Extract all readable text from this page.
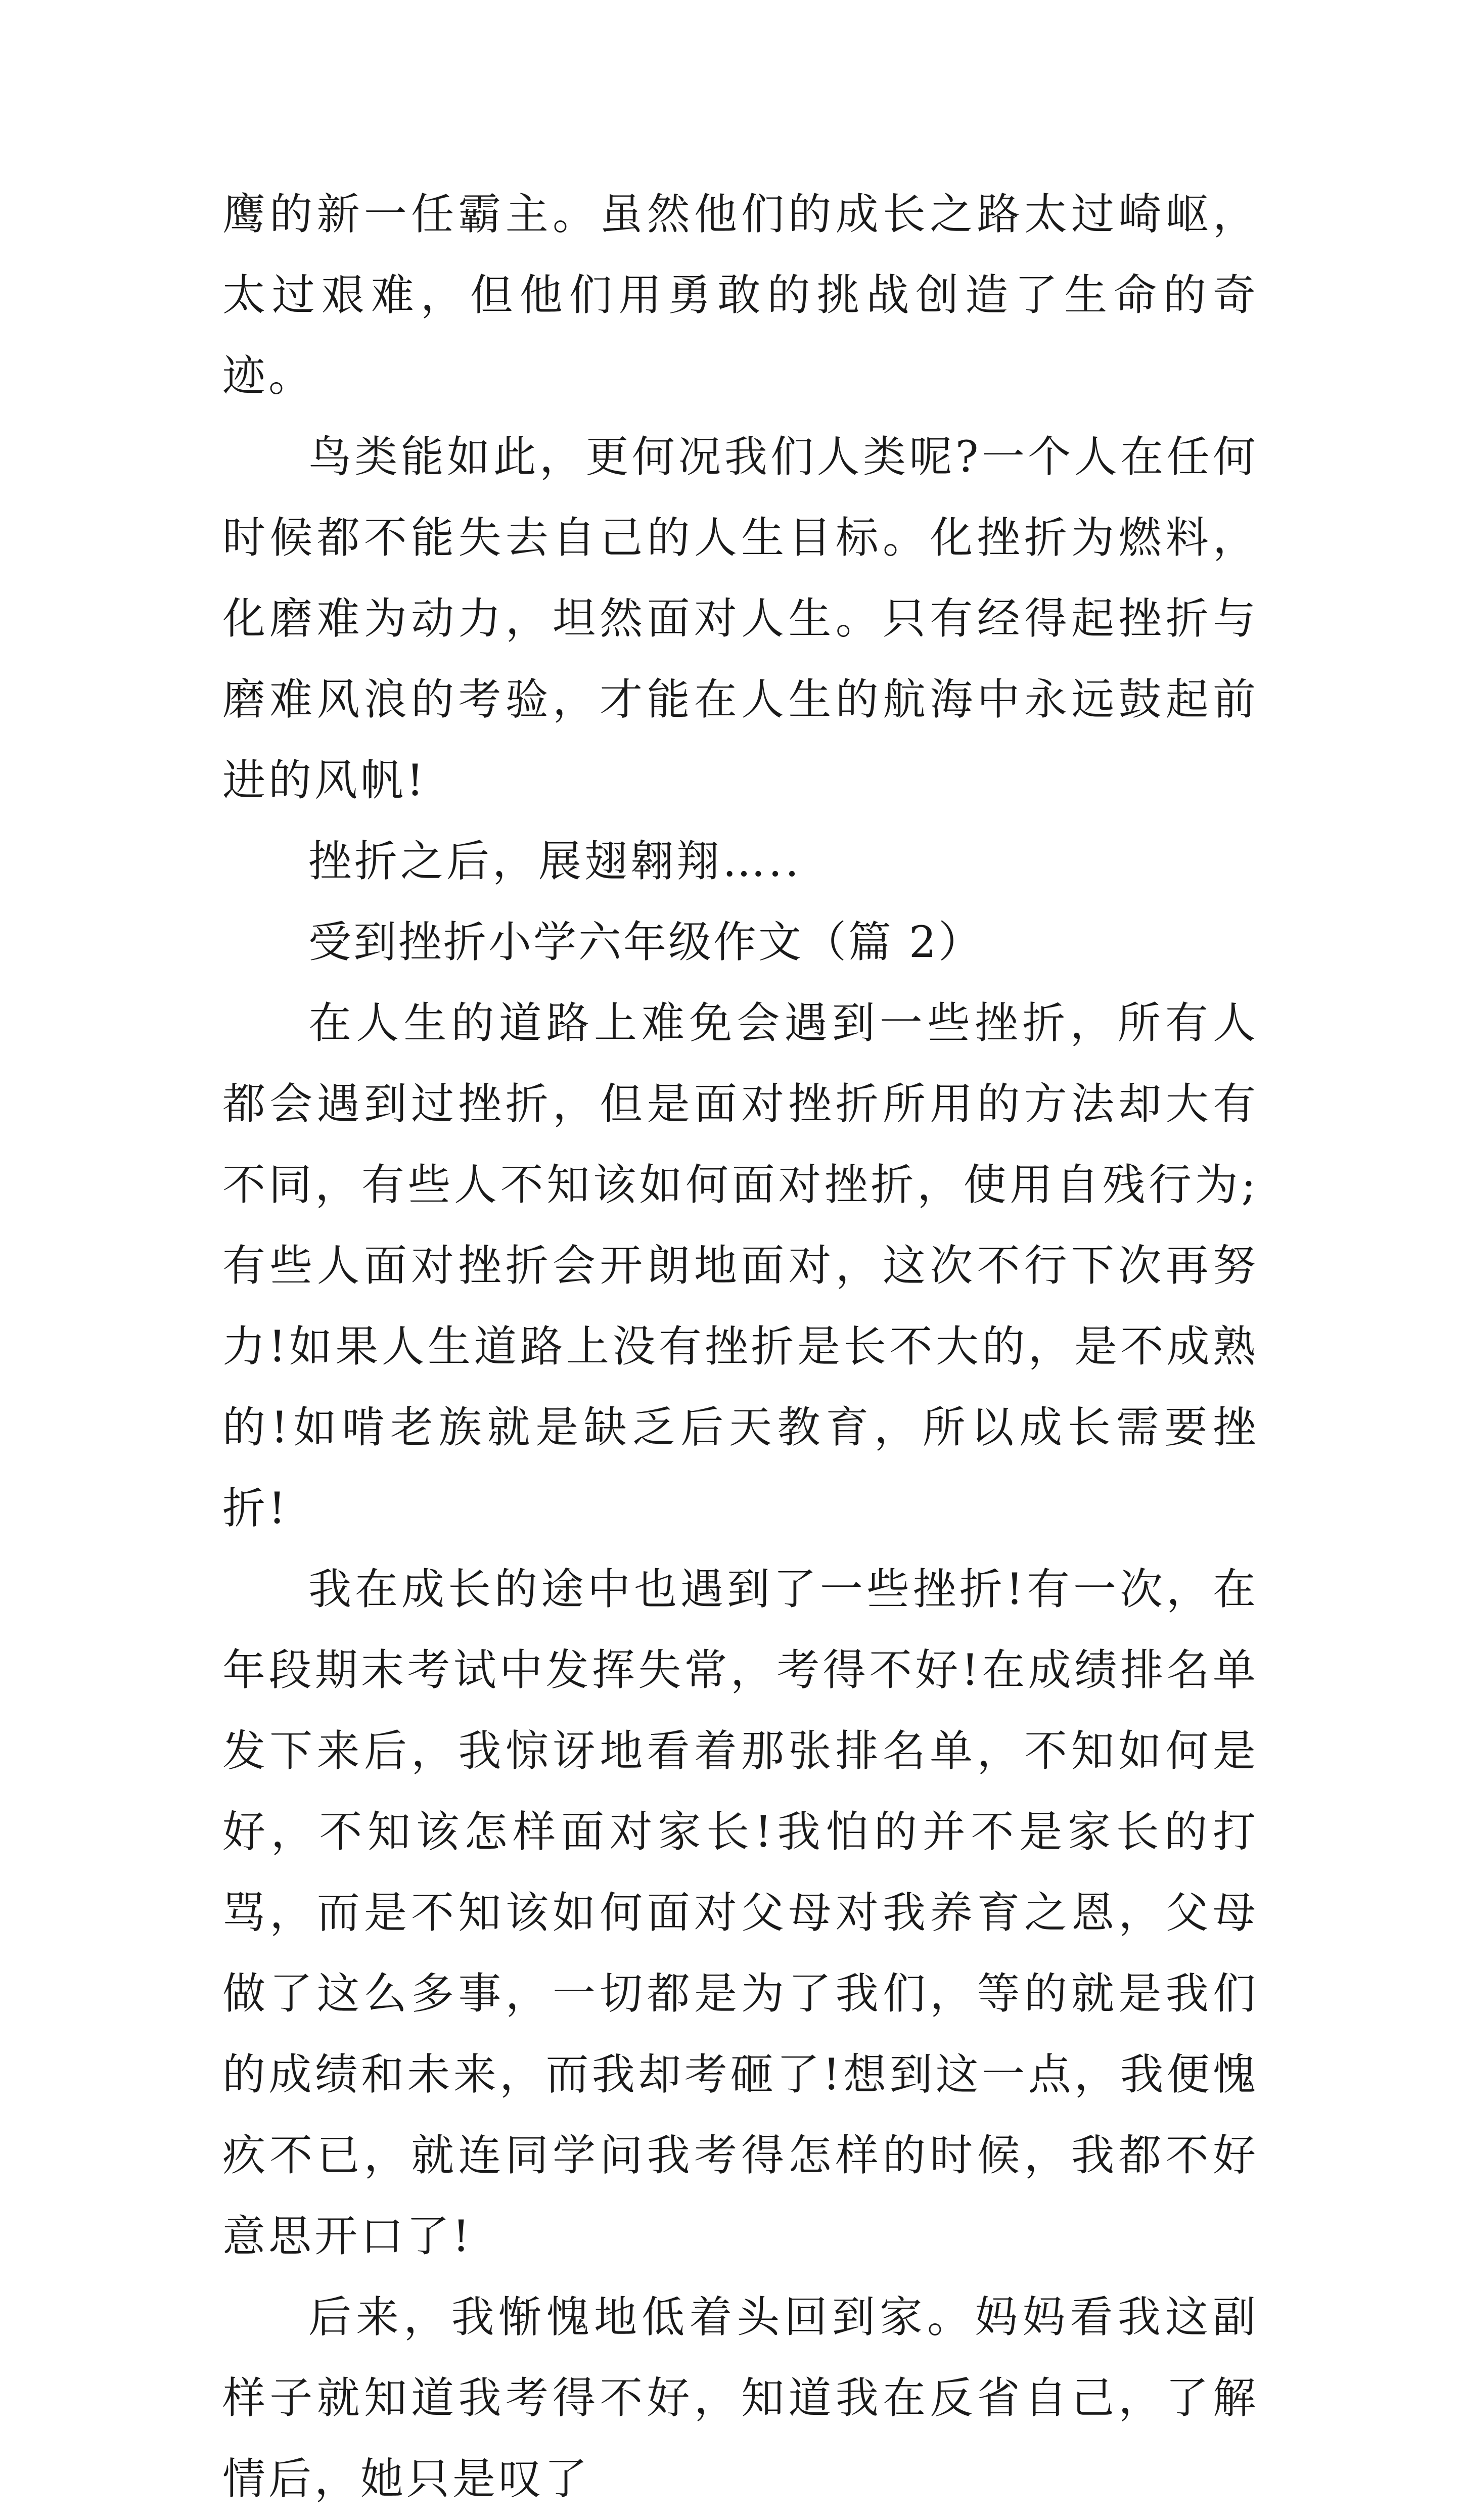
鹰的新一任霸主。虽然他们的成长之路太过崎岖，太过艰难，但他们用勇敢的挑战创造了生命的奇迹。

鸟类能如此，更何况我们人类呢?一个人在任何时候都不能失去自己的人生目标。化挫折为燃料，化磨难为动力，坦然面对人生。只有经得起挫折与磨难风浪的考验，才能在人生的航海中永远鼓起前进的风帆!

挫折之后，展翅翱翔…..

受到挫折小学六年级作文（篇 2）

在人生的道路上难免会遇到一些挫折，所有人都会遇到过挫折，但是面对挫折所用的方法却大有不同，有些人不知该如何面对挫折，使用自残行为;有些人面对挫折会开朗地面对，这次不行下次再努力!如果人生道路上没有挫折是长不大的，是不成熟的!如啃老族就是缺乏后天教育，所以成长需要挫折!

我在成长的途中也遇到了一些挫折!有一次，在年段期末考试中发挥失常，考得不好!在成绩排名单发下来后，我惊讶地看着那张排名单，不知如何是好，不知该怎样面对家长!我怕的并不是家长的打骂，而是不知该如何面对父母对我养育之恩，父母做了这么多事，一切都是为了我们，等的就是我们的成绩和未来，而我却考砸了!想到这一点，我便愧疚不已，就连同学问我考得怎样的时候，我都不好意思开口了!

后来，我惭愧地低着头回到家。妈妈看我这副样子就知道我考得不好，知道我在反省自己，了解情后，她只是叹了
